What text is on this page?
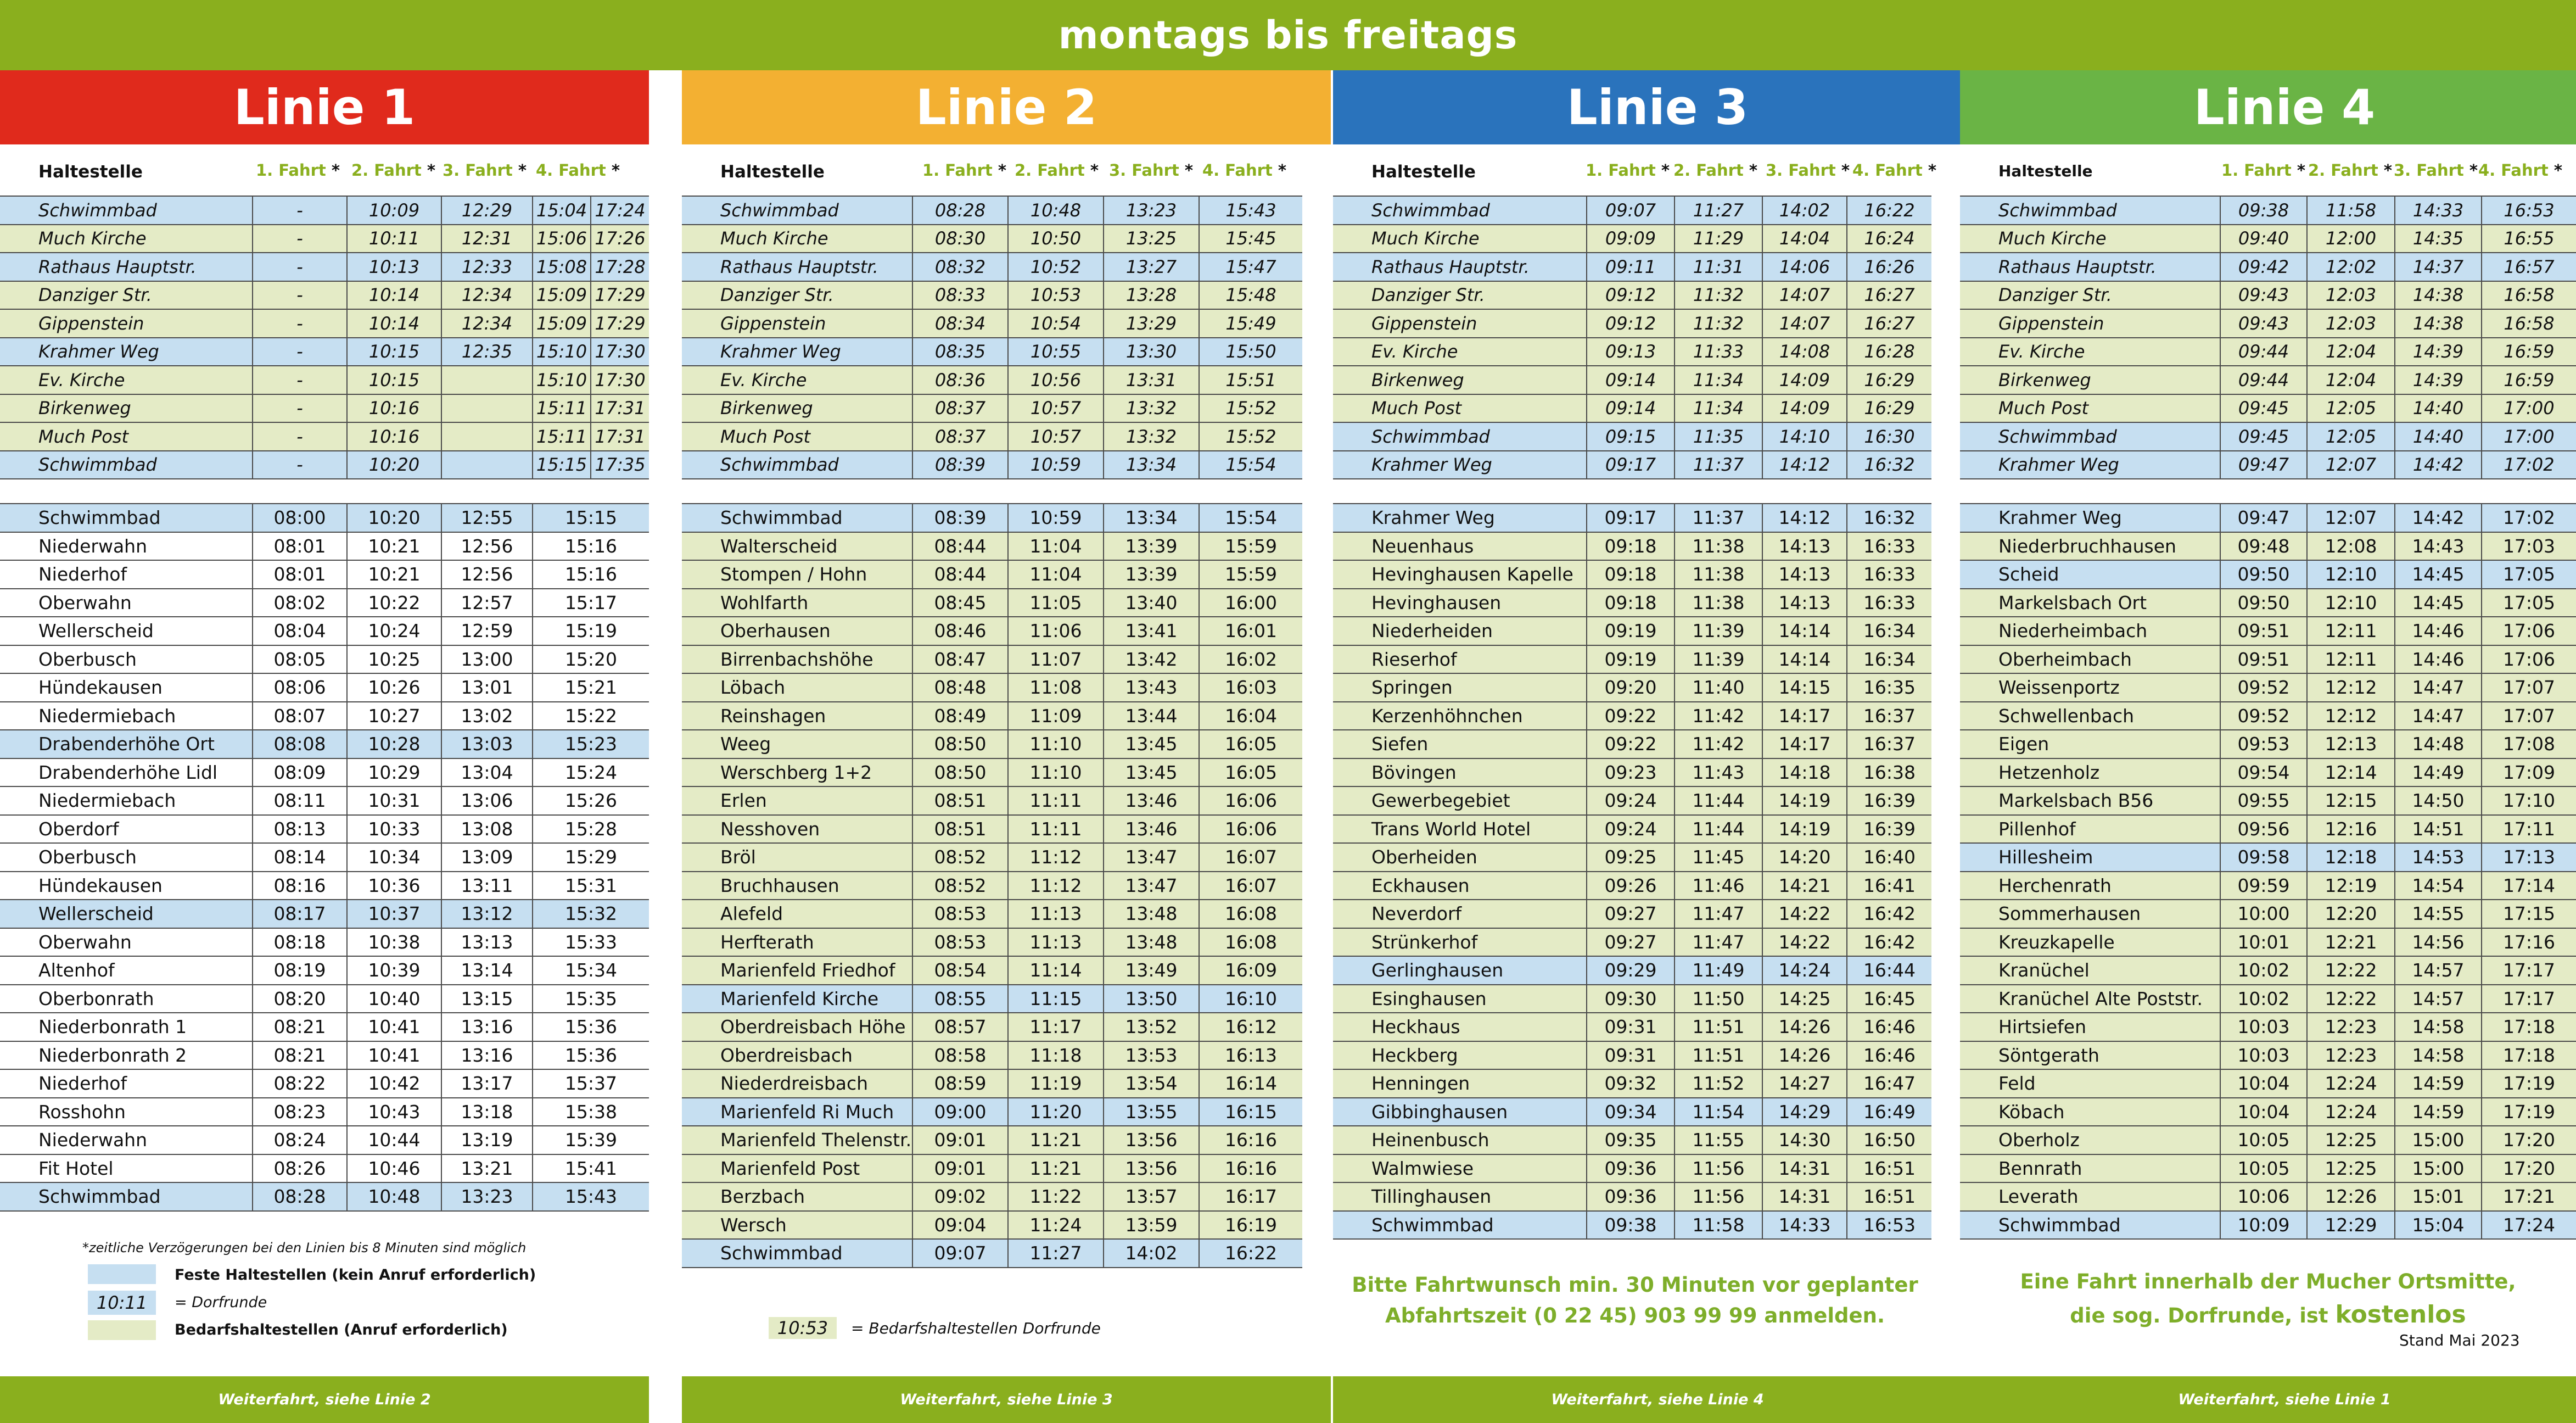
montags bis freitags
Linie 1
Haltestelle	1. Fahrt *	2. Fahrt *	3. Fahrt *	4. Fahrt *
Schwimmbad	-	10:09	12:29	15:04	17:24
Much Kirche	-	10:11	12:31	15:06	17:26
Rathaus Hauptstr.	-	10:13	12:33	15:08	17:28
Danziger Str.	-	10:14	12:34	15:09	17:29
Gippenstein	-	10:14	12:34	15:09	17:29
Krahmer Weg	-	10:15	12:35	15:10	17:30
Ev. Kirche	-	10:15		15:10	17:30
Birkenweg	-	10:16		15:11	17:31
Much Post	-	10:16		15:11	17:31
Schwimmbad	-	10:20		15:15	17:35
Schwimmbad	08:00	10:20	12:55	15:15
Niederwahn	08:01	10:21	12:56	15:16
Niederhof	08:01	10:21	12:56	15:16
Oberwahn	08:02	10:22	12:57	15:17
Wellerscheid	08:04	10:24	12:59	15:19
Oberbusch	08:05	10:25	13:00	15:20
Hündekausen	08:06	10:26	13:01	15:21
Niedermiebach	08:07	10:27	13:02	15:22
Drabenderhöhe Ort	08:08	10:28	13:03	15:23
Drabenderhöhe Lidl	08:09	10:29	13:04	15:24
Niedermiebach	08:11	10:31	13:06	15:26
Oberdorf	08:13	10:33	13:08	15:28
Oberbusch	08:14	10:34	13:09	15:29
Hündekausen	08:16	10:36	13:11	15:31
Wellerscheid	08:17	10:37	13:12	15:32
Oberwahn	08:18	10:38	13:13	15:33
Altenhof	08:19	10:39	13:14	15:34
Oberbonrath	08:20	10:40	13:15	15:35
Niederbonrath 1	08:21	10:41	13:16	15:36
Niederbonrath 2	08:21	10:41	13:16	15:36
Niederhof	08:22	10:42	13:17	15:37
Rosshohn	08:23	10:43	13:18	15:38
Niederwahn	08:24	10:44	13:19	15:39
Fit Hotel	08:26	10:46	13:21	15:41
Schwimmbad	08:28	10:48	13:23	15:43
*zeitliche Verzögerungen bei den Linien bis 8 Minuten sind möglich
Feste Haltestellen (kein Anruf erforderlich)
10:11	= Dorfrunde
Bedarfshaltestellen (Anruf erforderlich)
Weiterfahrt, siehe Linie 2
Linie 2
Haltestelle	1. Fahrt *	2. Fahrt *	3. Fahrt *	4. Fahrt *
Schwimmbad	08:28	10:48	13:23	15:43
Much Kirche	08:30	10:50	13:25	15:45
Rathaus Hauptstr.	08:32	10:52	13:27	15:47
Danziger Str.	08:33	10:53	13:28	15:48
Gippenstein	08:34	10:54	13:29	15:49
Krahmer Weg	08:35	10:55	13:30	15:50
Ev. Kirche	08:36	10:56	13:31	15:51
Birkenweg	08:37	10:57	13:32	15:52
Much Post	08:37	10:57	13:32	15:52
Schwimmbad	08:39	10:59	13:34	15:54
Schwimmbad	08:39	10:59	13:34	15:54
Walterscheid	08:44	11:04	13:39	15:59
Stompen / Hohn	08:44	11:04	13:39	15:59
Wohlfarth	08:45	11:05	13:40	16:00
Oberhausen	08:46	11:06	13:41	16:01
Birrenbachshöhe	08:47	11:07	13:42	16:02
Löbach	08:48	11:08	13:43	16:03
Reinshagen	08:49	11:09	13:44	16:04
Weeg	08:50	11:10	13:45	16:05
Werschberg 1+2	08:50	11:10	13:45	16:05
Erlen	08:51	11:11	13:46	16:06
Nesshoven	08:51	11:11	13:46	16:06
Bröl	08:52	11:12	13:47	16:07
Bruchhausen	08:52	11:12	13:47	16:07
Alefeld	08:53	11:13	13:48	16:08
Herfterath	08:53	11:13	13:48	16:08
Marienfeld Friedhof	08:54	11:14	13:49	16:09
Marienfeld Kirche	08:55	11:15	13:50	16:10
Oberdreisbach Höhe	08:57	11:17	13:52	16:12
Oberdreisbach	08:58	11:18	13:53	16:13
Niederdreisbach	08:59	11:19	13:54	16:14
Marienfeld Ri Much	09:00	11:20	13:55	16:15
Marienfeld Thelenstr.	09:01	11:21	13:56	16:16
Marienfeld Post	09:01	11:21	13:56	16:16
Berzbach	09:02	11:22	13:57	16:17
Wersch	09:04	11:24	13:59	16:19
Schwimmbad	09:07	11:27	14:02	16:22
10:53	= Bedarfshaltestellen Dorfrunde
Weiterfahrt, siehe Linie 3
Linie 3
Haltestelle	1. Fahrt *	2. Fahrt *	3. Fahrt *	4. Fahrt *
Schwimmbad	09:07	11:27	14:02	16:22
Much Kirche	09:09	11:29	14:04	16:24
Rathaus Hauptstr.	09:11	11:31	14:06	16:26
Danziger Str.	09:12	11:32	14:07	16:27
Gippenstein	09:12	11:32	14:07	16:27
Ev. Kirche	09:13	11:33	14:08	16:28
Birkenweg	09:14	11:34	14:09	16:29
Much Post	09:14	11:34	14:09	16:29
Schwimmbad	09:15	11:35	14:10	16:30
Krahmer Weg	09:17	11:37	14:12	16:32
Krahmer Weg	09:17	11:37	14:12	16:32
Neuenhaus	09:18	11:38	14:13	16:33
Hevinghausen Kapelle	09:18	11:38	14:13	16:33
Hevinghausen	09:18	11:38	14:13	16:33
Niederheiden	09:19	11:39	14:14	16:34
Rieserhof	09:19	11:39	14:14	16:34
Springen	09:20	11:40	14:15	16:35
Kerzenhöhnchen	09:22	11:42	14:17	16:37
Siefen	09:22	11:42	14:17	16:37
Bövingen	09:23	11:43	14:18	16:38
Gewerbegebiet	09:24	11:44	14:19	16:39
Trans World Hotel	09:24	11:44	14:19	16:39
Oberheiden	09:25	11:45	14:20	16:40
Eckhausen	09:26	11:46	14:21	16:41
Neverdorf	09:27	11:47	14:22	16:42
Strünkerhof	09:27	11:47	14:22	16:42
Gerlinghausen	09:29	11:49	14:24	16:44
Esinghausen	09:30	11:50	14:25	16:45
Heckhaus	09:31	11:51	14:26	16:46
Heckberg	09:31	11:51	14:26	16:46
Henningen	09:32	11:52	14:27	16:47
Gibbinghausen	09:34	11:54	14:29	16:49
Heinenbusch	09:35	11:55	14:30	16:50
Walmwiese	09:36	11:56	14:31	16:51
Tillinghausen	09:36	11:56	14:31	16:51
Schwimmbad	09:38	11:58	14:33	16:53
Bitte Fahrtwunsch min. 30 Minuten vor geplanter
Abfahrtszeit (0 22 45) 903 99 99 anmelden.
Weiterfahrt, siehe Linie 4
Linie 4
Haltestelle	1. Fahrt *	2. Fahrt * 3. Fahrt * 4. Fahrt *
Schwimmbad	09:38	11:58	14:33	16:53
Much Kirche	09:40	12:00	14:35	16:55
Rathaus Hauptstr.	09:42	12:02	14:37	16:57
Danziger Str.	09:43	12:03	14:38	16:58
Gippenstein	09:43	12:03	14:38	16:58
Ev. Kirche	09:44	12:04	14:39	16:59
Birkenweg	09:44	12:04	14:39	16:59
Much Post	09:45	12:05	14:40	17:00
Schwimmbad	09:45	12:05	14:40	17:00
Krahmer Weg	09:47	12:07	14:42	17:02
Krahmer Weg	09:47	12:07	14:42	17:02
Niederbruchhausen	09:48	12:08	14:43	17:03
Scheid	09:50	12:10	14:45	17:05
Markelsbach Ort	09:50	12:10	14:45	17:05
Niederheimbach	09:51	12:11	14:46	17:06
Oberheimbach	09:51	12:11	14:46	17:06
Weissenportz	09:52	12:12	14:47	17:07
Schwellenbach	09:52	12:12	14:47	17:07
Eigen	09:53	12:13	14:48	17:08
Hetzenholz	09:54	12:14	14:49	17:09
Markelsbach B56	09:55	12:15	14:50	17:10
Pillenhof	09:56	12:16	14:51	17:11
Hillesheim	09:58	12:18	14:53	17:13
Herchenrath	09:59	12:19	14:54	17:14
Sommerhausen	10:00	12:20	14:55	17:15
Kreuzkapelle	10:01	12:21	14:56	17:16
Kranüchel	10:02	12:22	14:57	17:17
Kranüchel Alte Poststr.	10:02	12:22	14:57	17:17
Hirtsiefen	10:03	12:23	14:58	17:18
Söntgerath	10:03	12:23	14:58	17:18
Feld	10:04	12:24	14:59	17:19
Köbach	10:04	12:24	14:59	17:19
Oberholz	10:05	12:25	15:00	17:20
Bennrath	10:05	12:25	15:00	17:20
Leverath	10:06	12:26	15:01	17:21
Schwimmbad	10:09	12:29	15:04	17:24
Eine Fahrt innerhalb der Mucher Ortsmitte,
die sog. Dorfrunde, ist kostenlos
Stand Mai 2023
Weiterfahrt, siehe Linie 1
